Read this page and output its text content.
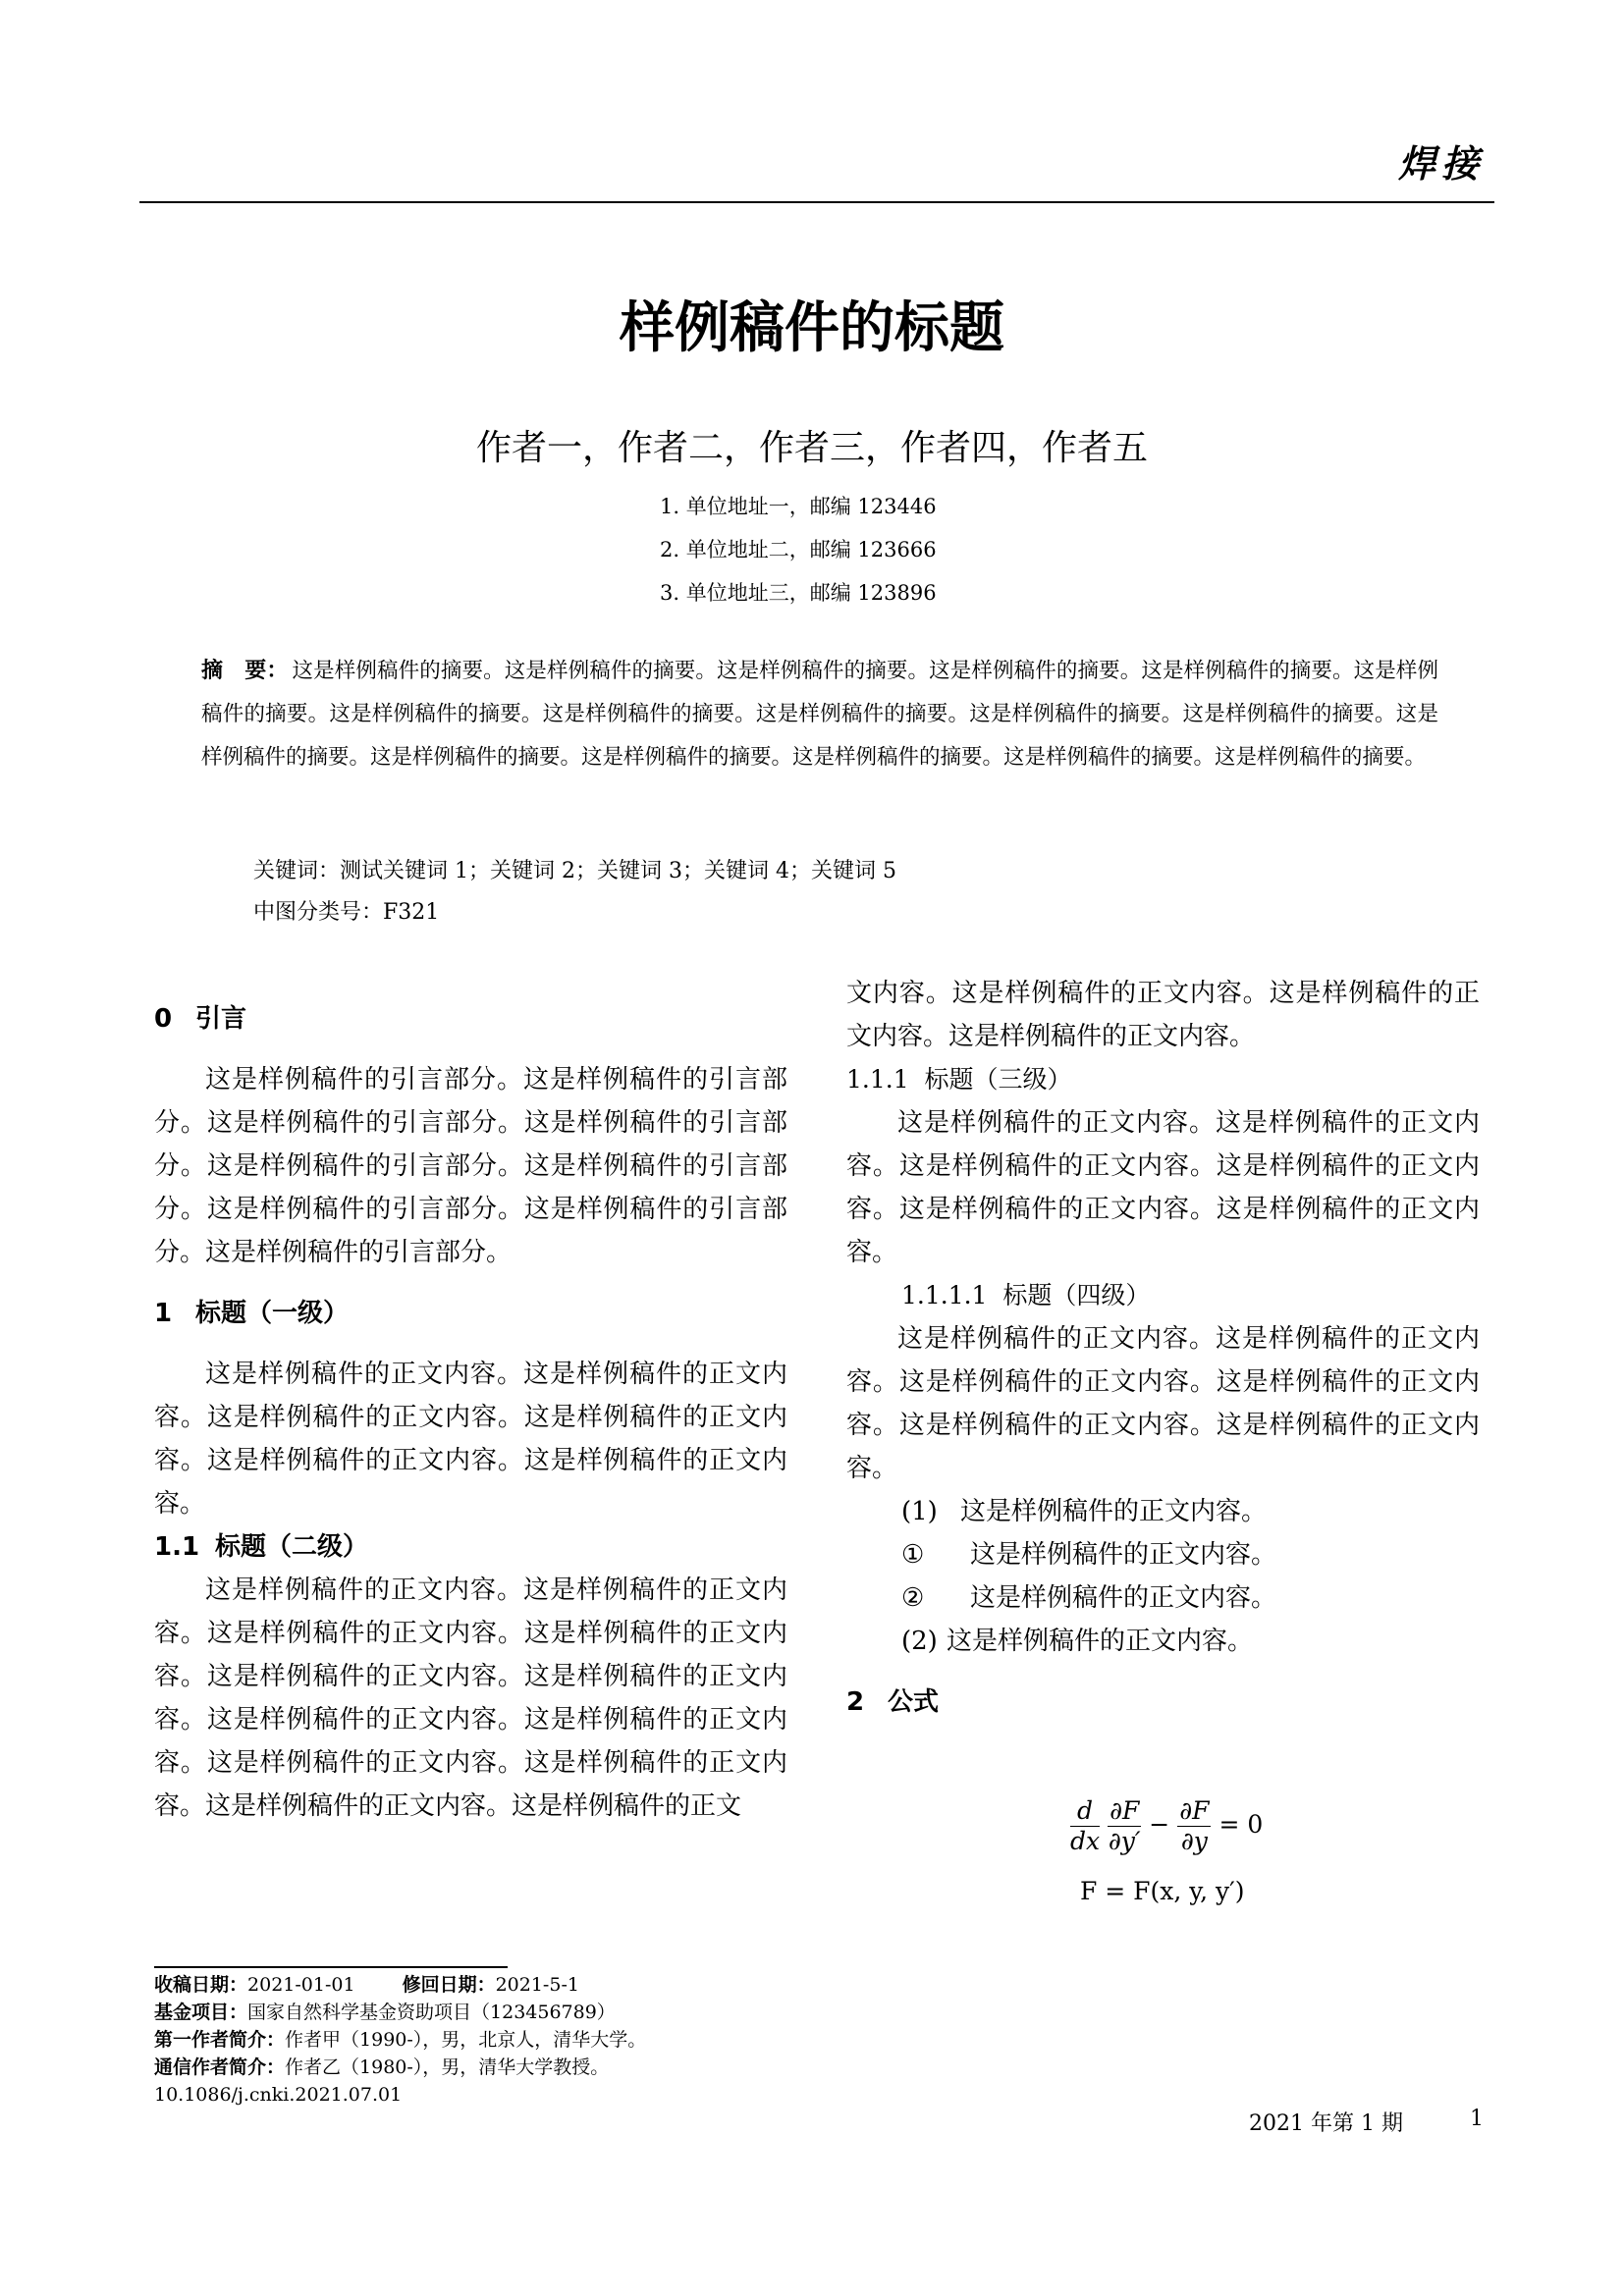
焊接
样例稿件的标题
作者一，作者二，作者三，作者四，作者五
1. 单位地址一，邮编 123446
2. 单位地址二，邮编 123666
3. 单位地址三，邮编 123896
摘　要： 这是样例稿件的摘要。这是样例稿件的摘要。这是样例稿件的摘要。这是样例稿件的摘要。这是样例稿件的摘要。这是样例稿件的摘要。这是样例稿件的摘要。这是样例稿件的摘要。这是样例稿件的摘要。这是样例稿件的摘要。这是样例稿件的摘要。这是样例稿件的摘要。这是样例稿件的摘要。这是样例稿件的摘要。这是样例稿件的摘要。这是样例稿件的摘要。这是样例稿件的摘要。
关键词：测试关键词 1；关键词 2；关键词 3；关键词 4；关键词 5
中图分类号：F321
0 引言
这是样例稿件的引言部分。这是样例稿件的引言部分。这是样例稿件的引言部分。这是样例稿件的引言部分。这是样例稿件的引言部分。这是样例稿件的引言部分。这是样例稿件的引言部分。这是样例稿件的引言部分。这是样例稿件的引言部分。
1 标题（一级）
这是样例稿件的正文内容。这是样例稿件的正文内容。这是样例稿件的正文内容。这是样例稿件的正文内容。这是样例稿件的正文内容。这是样例稿件的正文内容。
1.1 标题（二级）
这是样例稿件的正文内容。这是样例稿件的正文内容。这是样例稿件的正文内容。这是样例稿件的正文内容。这是样例稿件的正文内容。这是样例稿件的正文内容。这是样例稿件的正文内容。这是样例稿件的正文内容。这是样例稿件的正文内容。这是样例稿件的正文内容。这是样例稿件的正文内容。这是样例稿件的正文
文内容。这是样例稿件的正文内容。这是样例稿件的正文内容。这是样例稿件的正文内容。
1.1.1 标题（三级）
这是样例稿件的正文内容。这是样例稿件的正文内容。这是样例稿件的正文内容。这是样例稿件的正文内容。这是样例稿件的正文内容。这是样例稿件的正文内容。
1.1.1.1 标题（四级）
这是样例稿件的正文内容。这是样例稿件的正文内容。这是样例稿件的正文内容。这是样例稿件的正文内容。这是样例稿件的正文内容。这是样例稿件的正文内容。
(1) 这是样例稿件的正文内容。
① 这是样例稿件的正文内容。
② 这是样例稿件的正文内容。
(2) 这是样例稿件的正文内容。
2 公式
$\frac{d}{dx}$
$\frac{\partial F}{\partial y'} - \frac{\partial F}{\partial y} = 0$
F = F(x, y, y′)
收稿日期：2021-01-01	修回日期：2021-5-1
基金项目：国家自然科学基金资助项目（123456789）
第一作者简介：作者甲（1990-），男，北京人，清华大学。
通信作者简介：作者乙（1980-），男，清华大学教授。
10.1086/j.cnki.2021.07.01
2021 年第 1 期	1
